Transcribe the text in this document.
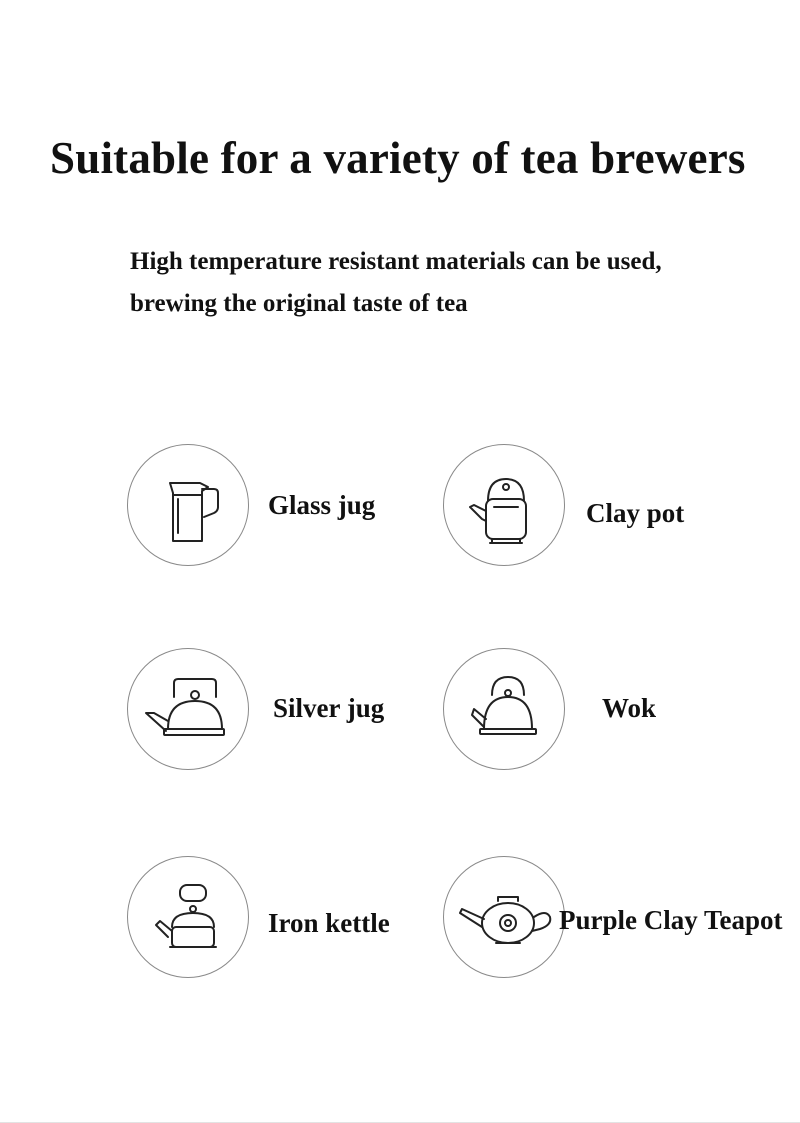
Suitable for a variety of tea brewers
High temperature resistant materials can be used,
brewing the original taste of tea
Glass jug	Clay pot
Silver jug	Wok
Iron kettle	Purple Clay Teapot
